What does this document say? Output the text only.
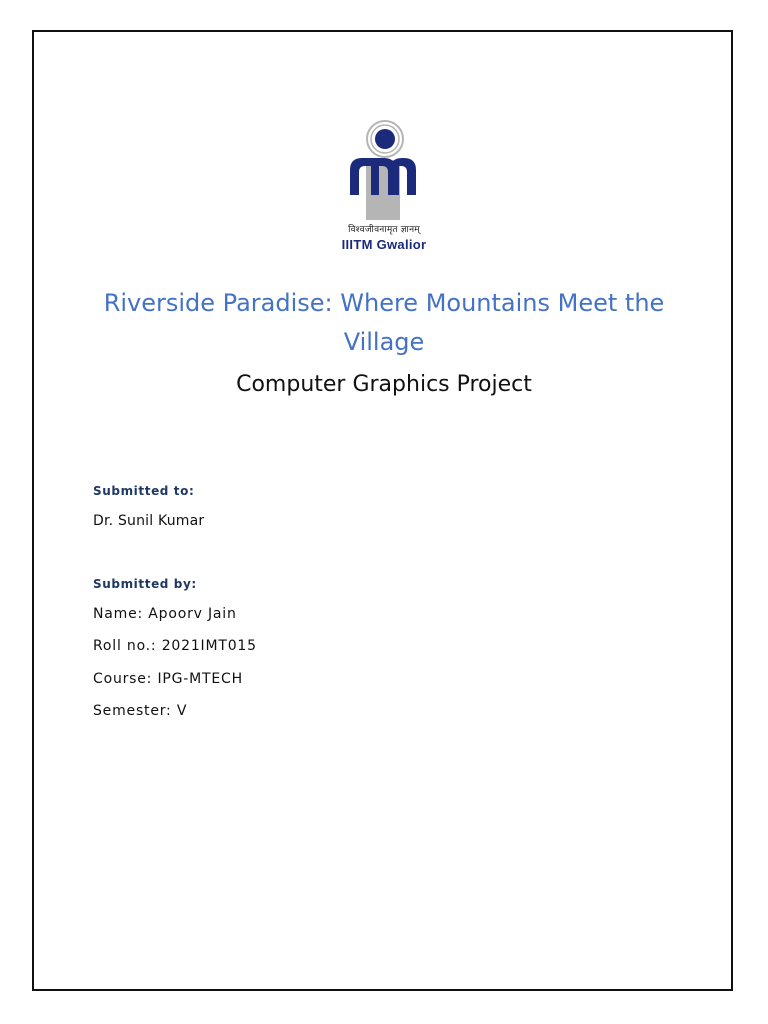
विश्वजीवनामृत ज्ञानम्
IIITM Gwalior
Riverside Paradise: Where Mountains Meet the Village
Computer Graphics Project
Submitted to:
Dr. Sunil Kumar
Submitted by:
Name: Apoorv Jain
Roll no.: 2021IMT015
Course: IPG-MTECH
Semester: V
